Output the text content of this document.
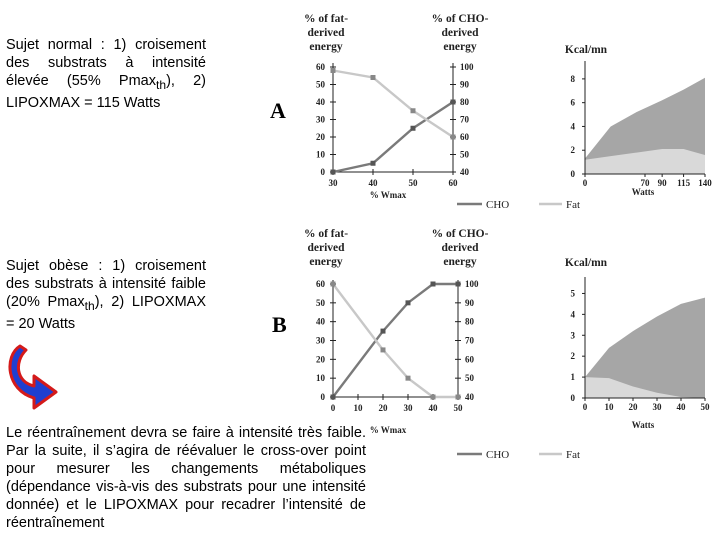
Sujet normal : 1) croisement des substrats à intensité élevée (55% Pmax$_{th}$), 2) LIPOXMAX = 115 Watts
Sujet obèse : 1) croisement des substrats à intensité faible (20% Pmax$_{th}$), 2) LIPOXMAX = 20 Watts
Le réentraînement devra se faire à intensité très faible. Par la suite, il s’agira de réévaluer le cross-over point pour mesurer les changements métaboliques (dépendance vis-à-vis des substrats pour une intensité donnée) et le LIPOXMAX pour recadrer l’intensité de réentraînement
A
B
% of fat-
derived
energy
% of CHO-
derived
energy
0
10
20
30
40
50
60
40
50
60
70
80
90
100
30	40	50	60
% Wmax
CHO	Fat
Kcal/mn
0
2
4
6
8
0	70 90 115 140
Watts
% of fat-
derived
energy
% of CHO-
derived
energy
0
10
20
30
40
50
60
40
50
60
70
80
90
100
0 10 20 30 40 50
% Wmax
CHO	Fat
Kcal/mn
0
1
2
3
4
5
0 10 20 30 40 50
Watts
